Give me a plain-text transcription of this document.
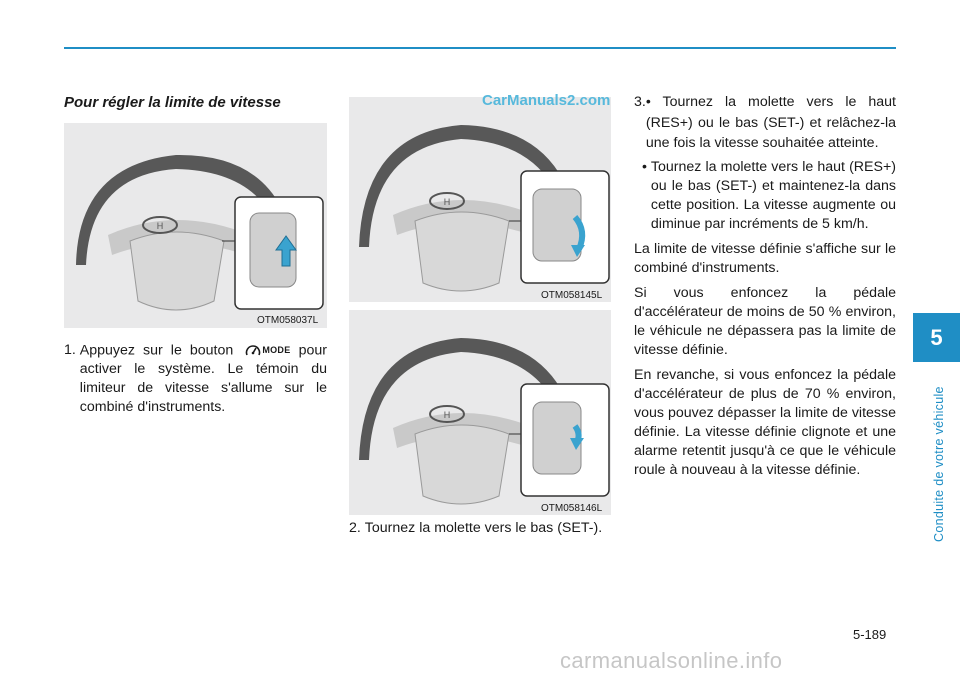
Pour régler la limite de vitesse
H
OTM058037L
H
OTM058145L
H
OTM058146L
CarManuals2.com
1. Appuyez sur le bouton	MODE pour activer le système. Le témoin du limiteur de vitesse s'allume sur le combiné d'instruments.
2. Tournez la molette vers le bas (SET-).
3. • Tournez la molette vers le haut (RES+) ou le bas (SET-) et relâchez-la une fois la vitesse souhaitée atteinte.
• Tournez la molette vers le haut (RES+) ou le bas (SET-) et maintenez-la dans cette position. La vitesse augmente ou diminue par incréments de 5 km/h.

La limite de vitesse définie s'affiche sur le combiné d'instruments.

Si vous enfoncez la pédale d'accélérateur de moins de 50 % environ, le véhicule ne dépassera pas la limite de vitesse définie.

En revanche, si vous enfoncez la pédale d'accélérateur de plus de 70 % environ, vous pouvez dépasser la limite de vitesse définie. La vitesse définie clignote et une alarme retentit jusqu'à ce que le véhicule roule à nouveau à la vitesse définie.

5
Conduite de votre véhicule
5-189
carmanualsonline.info
